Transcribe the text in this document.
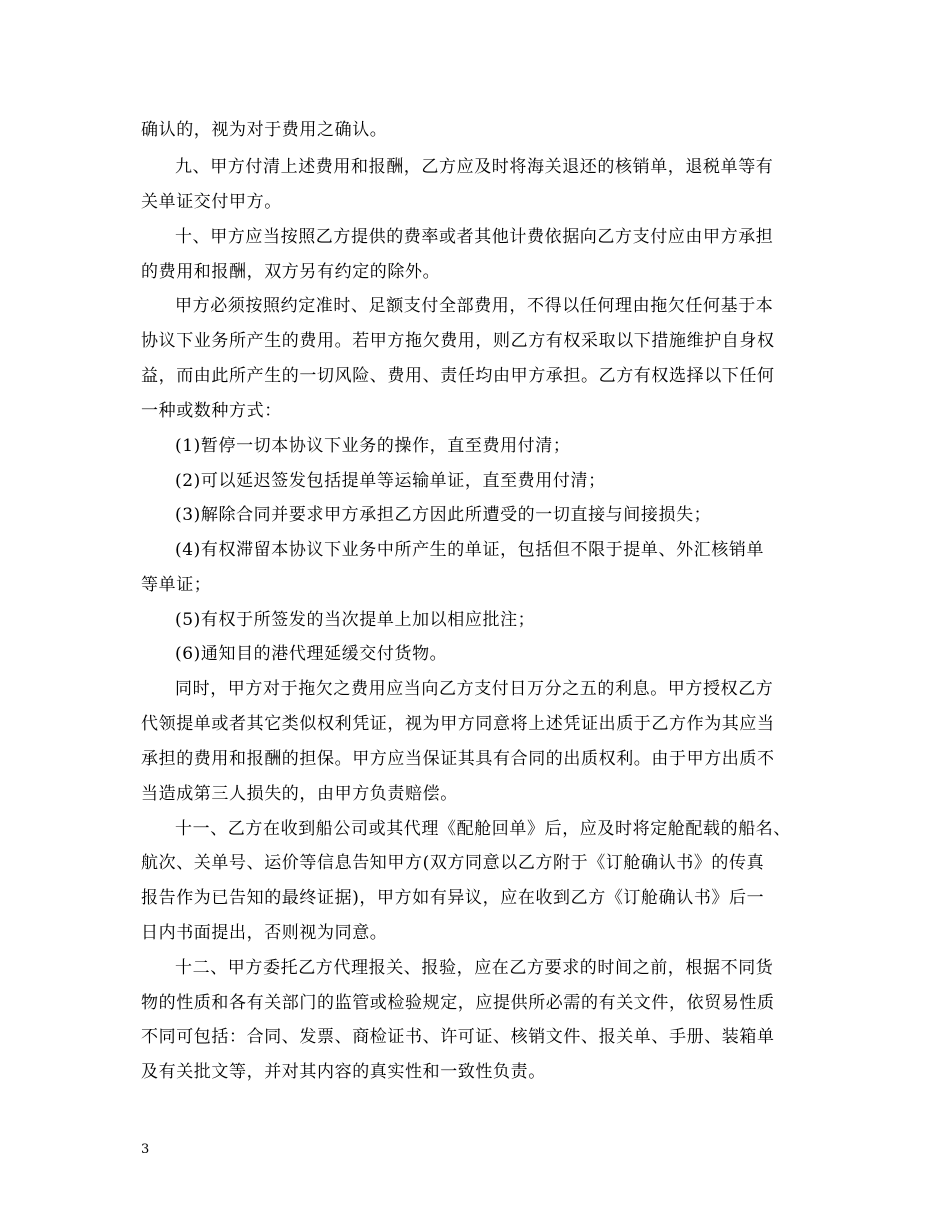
确认的，视为对于费用之确认。
九、甲方付清上述费用和报酬，乙方应及时将海关退还的核销单，退税单等有
关单证交付甲方。
十、甲方应当按照乙方提供的费率或者其他计费依据向乙方支付应由甲方承担
的费用和报酬，双方另有约定的除外。
甲方必须按照约定准时、足额支付全部费用，不得以任何理由拖欠任何基于本
协议下业务所产生的费用。若甲方拖欠费用，则乙方有权采取以下措施维护自身权
益，而由此所产生的一切风险、费用、责任均由甲方承担。乙方有权选择以下任何
一种或数种方式：
(1)暂停一切本协议下业务的操作，直至费用付清；
(2)可以延迟签发包括提单等运输单证，直至费用付清；
(3)解除合同并要求甲方承担乙方因此所遭受的一切直接与间接损失；
(4)有权滞留本协议下业务中所产生的单证，包括但不限于提单、外汇核销单
等单证；
(5)有权于所签发的当次提单上加以相应批注；
(6)通知目的港代理延缓交付货物。
同时，甲方对于拖欠之费用应当向乙方支付日万分之五的利息。甲方授权乙方
代领提单或者其它类似权利凭证，视为甲方同意将上述凭证出质于乙方作为其应当
承担的费用和报酬的担保。甲方应当保证其具有合同的出质权利。由于甲方出质不
当造成第三人损失的，由甲方负责赔偿。
十一、乙方在收到船公司或其代理《配舱回单》后，应及时将定舱配载的船名、
航次、关单号、运价等信息告知甲方(双方同意以乙方附于《订舱确认书》的传真
报告作为已告知的最终证据)，甲方如有异议，应在收到乙方《订舱确认书》后一
日内书面提出，否则视为同意。
十二、甲方委托乙方代理报关、报验，应在乙方要求的时间之前，根据不同货
物的性质和各有关部门的监管或检验规定，应提供所必需的有关文件，依贸易性质
不同可包括：合同、发票、商检证书、许可证、核销文件、报关单、手册、装箱单
及有关批文等，并对其内容的真实性和一致性负责。
3
